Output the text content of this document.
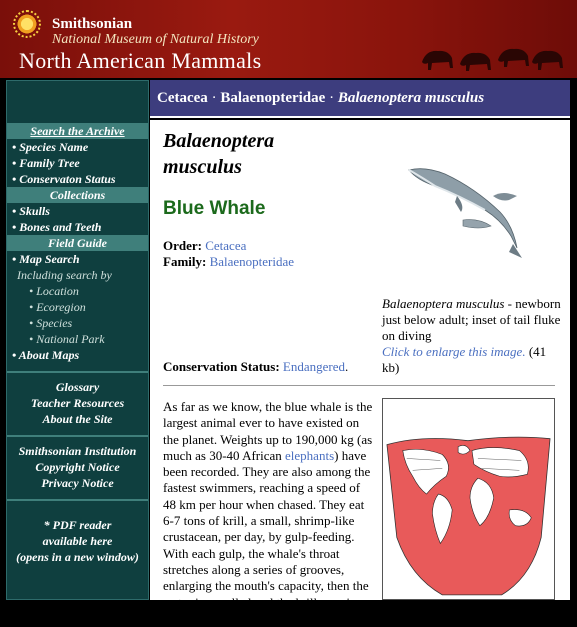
Smithsonian
National Museum of Natural History
North American Mammals
Search the Archive
• Species Name
• Family Tree
• Conservaton Status
Collections
• Skulls
• Bones and Teeth
Field Guide
• Map Search
Including search by
• Location
• Ecoregion
• Species
• National Park
• About Maps
Glossary
Teacher Resources
About the Site
Smithsonian Institution
Copyright Notice
Privacy Notice
* PDF reader
available here
(opens in a new window)
Cetacea · Balaenopteridae · Balaenoptera musculus
Balaenoptera musculus
Blue Whale
Order: Cetacea
Family: Balaenopteridae
Balaenoptera musculus - newborn just below adult; inset of tail fluke on diving
Click to enlarge this image. (41 kb)
Conservation Status: Endangered.
As far as we know, the blue whale is the largest animal ever to have existed on the planet. Weights up to 190,000 kg (as much as 30-40 African elephants) have been recorded. They are also among the fastest swimmers, reaching a speed of 48 km per hour when chased. They eat 6-7 tons of krill, a small, shrimp-like crustacean, per day, by gulp-feeding. With each gulp, the whale's throat stretches along a series of grooves, enlarging the mouth's capacity, then the water is expelled and the krill remain, trapped by baleen plates. The blue
